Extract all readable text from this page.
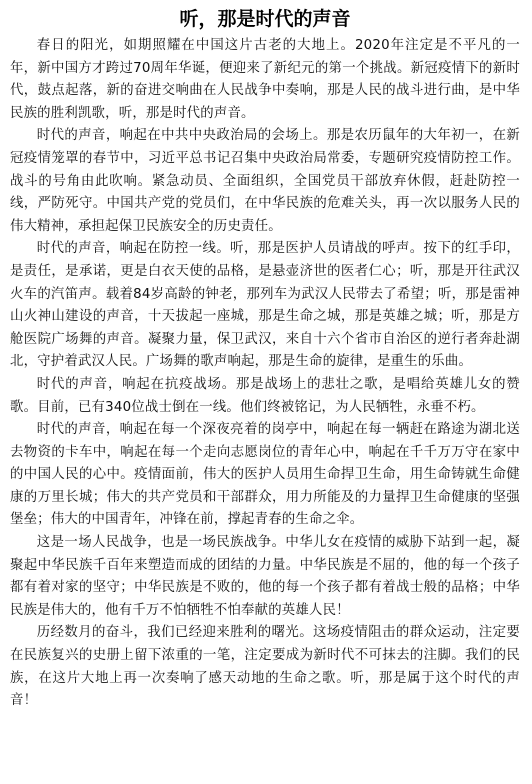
听，那是时代的声音

春日的阳光，如期照耀在中国这片古老的大地上。2020年注定是不平凡的一年，新中国方才跨过70周年华诞，便迎来了新纪元的第一个挑战。新冠疫情下的新时代，鼓点起落，新的奋进交响曲在人民战争中奏响，那是人民的战斗进行曲，是中华民族的胜利凯歌，听，那是时代的声音。

时代的声音，响起在中共中央政治局的会场上。那是农历鼠年的大年初一，在新冠疫情笼罩的春节中，习近平总书记召集中央政治局常委，专题研究疫情防控工作。战斗的号角由此吹响。紧急动员、全面组织，全国党员干部放弃休假，赶赴防控一线，严防死守。中国共产党的党员们，在中华民族的危难关头，再一次以服务人民的伟大精神，承担起保卫民族安全的历史责任。

时代的声音，响起在防控一线。听，那是医护人员请战的呼声。按下的红手印，是责任，是承诺，更是白衣天使的品格，是悬壶济世的医者仁心；听，那是开往武汉火车的汽笛声。载着84岁高龄的钟老，那列车为武汉人民带去了希望；听，那是雷神山火神山建设的声音，十天拔起一座城，那是生命之城，那是英雄之城；听，那是方舱医院广场舞的声音。凝聚力量，保卫武汉，来自十六个省市自治区的逆行者奔赴湖北，守护着武汉人民。广场舞的歌声响起，那是生命的旋律，是重生的乐曲。

时代的声音，响起在抗疫战场。那是战场上的悲壮之歌，是唱给英雄儿女的赞歌。目前，已有340位战士倒在一线。他们终被铭记，为人民牺牲，永垂不朽。

时代的声音，响起在每一个深夜亮着的岗亭中，响起在每一辆赶在路途为湖北送去物资的卡车中，响起在每一个走向志愿岗位的青年心中，响起在千千万万守在家中的中国人民的心中。疫情面前，伟大的医护人员用生命捍卫生命，用生命铸就生命健康的万里长城；伟大的共产党员和干部群众，用力所能及的力量捍卫生命健康的坚强堡垒；伟大的中国青年，冲锋在前，撑起青春的生命之伞。

这是一场人民战争，也是一场民族战争。中华儿女在疫情的威胁下站到一起，凝聚起中华民族千百年来塑造而成的团结的力量。中华民族是不屈的，他的每一个孩子都有着对家的坚守；中华民族是不败的，他的每一个孩子都有着战士般的品格；中华民族是伟大的，他有千万不怕牺牲不怕奉献的英雄人民！

历经数月的奋斗，我们已经迎来胜利的曙光。这场疫情阻击的群众运动，注定要在民族复兴的史册上留下浓重的一笔，注定要成为新时代不可抹去的注脚。我们的民族，在这片大地上再一次奏响了感天动地的生命之歌。听，那是属于这个时代的声音！
